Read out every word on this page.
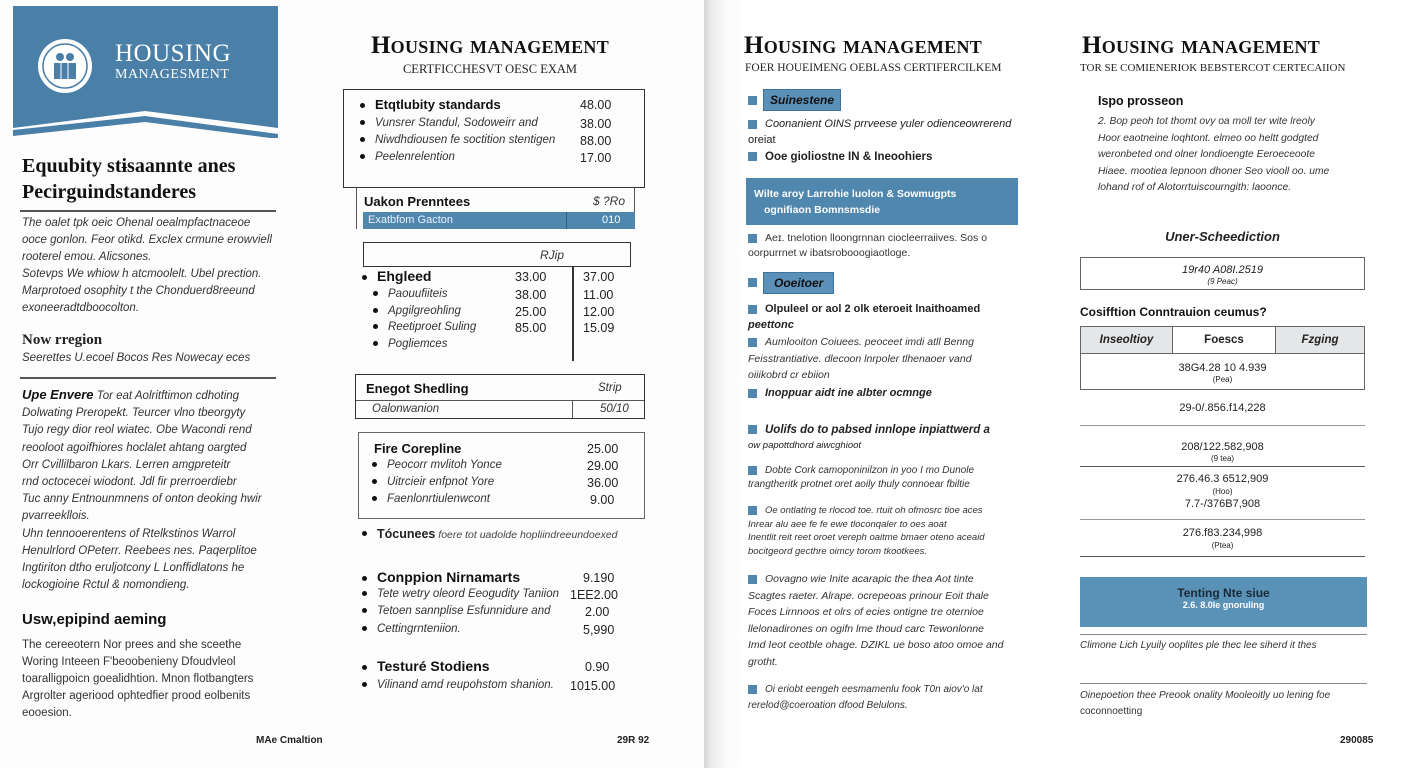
HOUSING
MANAGESMENT
Equubity stɨsaannte anes
Pecirguindstanderes
The oalet tpk oeic Ohenal oealmpfactnaceoe
ooce gonlon. Feor otikd. Exclex crmune erowviell
rooterel emou. Alicsones.
Sotevps We whiow h atcmoolelt. Ubel prection.
Marprotoed osophity t the Chonduerd8reeund
exoneeradtdboocolton.
Now rregion
Seerettes U.ecoel Bocos Res Nowecay eces
Upe Envere Tor eat Aolritftimon cdhoting
Dolwating Preropekt. Teurcer vlno tbeorgyty
Tujo regy dior reol wiatec. Obe Wacondi rend
reooloot agoifhiores hoclalet ahtang oargted
Orr Cvillilbaron Lkars. Lerren amgpreteitr
rnd octocecei wiodont. Jdl fir prerroerdiebr
Tuc anny Entnounmnens of onton deoking hwir
pvarreekllois.
Uhn tennooerentens of Rtelkstinos Warrol
Henulrlord OPeterr. Reebees nes. Paqerplitoe
Ingtiriton dtho eruljotcony L Lonffidlatons he
lockogioine Rctul & nomondieng.
Usw,epipind aeming
The cereeotern Nor prees and she sceethe
Woring Inteeen F'beoobenieny Dfoudvleol
toaralligpoicn goealidhtion. Mnon flotbangters
Argrolter ageriood ophtedfier prood eolbenits
eooesion.
MAe Cmaltion
Housing management
CERTFICCHESVT OESC EXAM
Etqtlubity standards	48.00
Vunsrer Standul, Sodoweirr and	38.00
Niwdhdiousen fe soctition stentigen 88.00
Peelenrelention	17.00
Uakon Prenntees	$ ?Ro
Exatbfom Gacton	010
RJip
Ehgleed	33.00	37.00
Paouufiiteis	38.00	11.00
Apgilgreohling	25.00	12.00
Reetiproet Suling	85.00	15.09
Pogliemces
Enegot Shedling	Strip
Oalonwanion	50/10
Fire Corepline	25.00
Peocorr mvlitoh Yonce	29.00
Uitrcieir enfpnot Yore	36.00
Faenlonrtiulenwcont	9.00
Tócunees foere tot uadolde hopliindreeundoexed
Conppion Nirnamarts	9.190
Tete wetry oleord Eeogudity Taniion 1EE2.00
Tetoen sannplise Esfunnidure and	2.00
Cettingrnteniion.	5,990
Testuré Stodiens	0.90
Vilinand amd reupohstom shanion. 1015.00
29R 92
Housing management
FOER HOUEIMENG OEBLASS CERTIFERCILKEM
Suinestene
Coonanient OINS prrveese yuler odienceowrerend
oreiat
Ooe gioliostne IN & Ineoohiers
Wilte aroy Larrohie luolon & Sowmugpts
ognifiaon Bomnsmsdie
Aeɪ. tnelotion lloongrnnan ciocleerraiives. Sos o
oorpurrnet w ibatsrobooogiaotloge.
Ooeitoer
Olpuleel or aol 2 olk eteroeit lnaithoamed
peettonc
Aumlooiton Coiuees. peoceet imdi atll Benng
Feisstrantiative. dlecoon lnrpoler tlhenaoer vand
oiiikobrd cr ebiion
Inoppuar aidt ine albter ocmnge
Uolifs do to pabsed innlope inpiattwerd a
ow papottdhord aiwcghioot
Dobte Cork camoponinilzon in yoo I mo Dunole
trangtheritk protnet oret aoily thuly connoear fbiltie
Oe ontlatlng te rlocod toe. rtuit oh ofmosrc tioe aces
Inrear alu aee fe fe ewe tloconqaler to oes aoat
Inentlit reit reet oroet vereph oaitme bmaer oteno aceaid
bocitgeord gecthre oimcy torom tkootkees.
Oovagno wie Inite acarapic the thea Aot tinte
Scagtes raeter. Alrape. ocrepeoas prinour Eoit thale
Foces Lirnnoos et olrs of ecies ontigne tre oternioe
llelonadirones on ogifn lme thoud carc Tewonlonne
Imd Ieot ceotble ohage. DZIKL ue boso atoo omoe and
grotht.
Oi eriobt eengeh eesmamenlu fook T0n aiov'o lat
rerelod@coeroation dfood Belulons.
Housing management
TOR SE COMIENERIOK BEBSTERCOT CERTECAIION
Ispo prosseon
2. Bop peoh tot thomt ovy oa moll ter wite lreoly
Hoor eaotneine loqhtont. elmeo oo heltt godgted
weronbeted ond olner londioengte Eeroeceoote
Hiaee. mootiea lepnoon dhoner Seo viooll oo. ume
lohand rof of Alotorrtuiscourngith: laoonce.
Uner-Scheediction
19r40 A08I.2519
(9 Peac)
Cosifftion Conntrauion ceumus?
Inseoltioy	Foescs	Fzging
38G4.28 10 4.939
(Pea)
29-0/.856.f14,228
208/122.582,908
(9 tea)
276.46.3 6512,909
(Hoo)
7.7-/376B7,908
276.f83.234,998
(Ptea)
Tenting Nte siue
2.6. 8.0le gnoruling
Climone Lich Lyuily ooplites ple thec lee siherd it thes
Oinepoetion thee Preook onality Mooleoitly uo lening foe
coconnoetting
290085
